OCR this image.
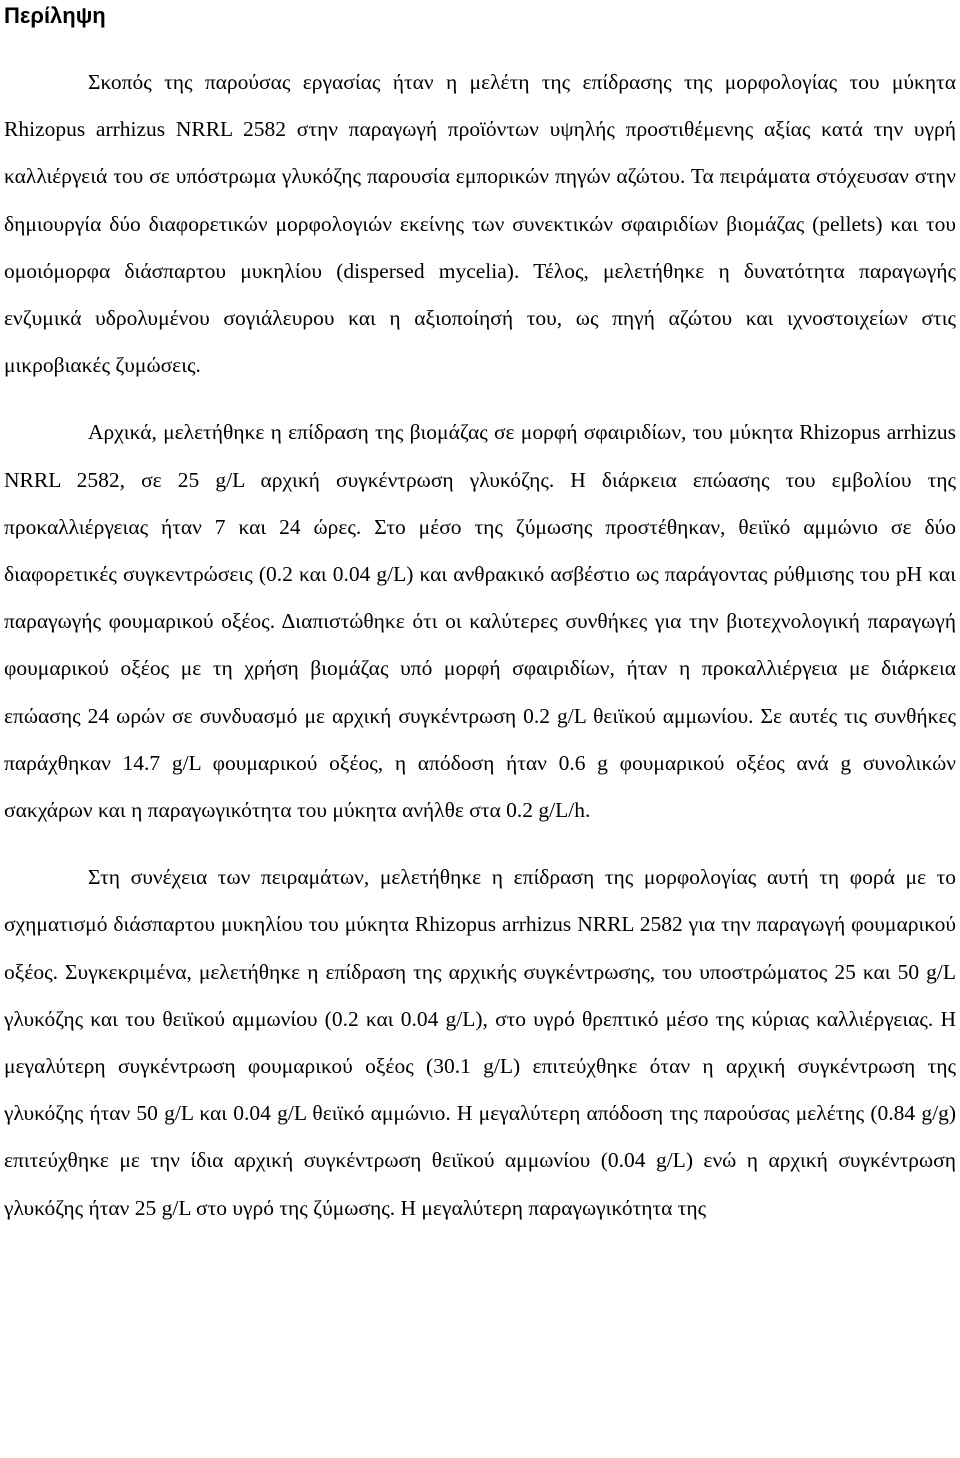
Περίληψη

Σκοπός της παρούσας εργασίας ήταν η μελέτη της επίδρασης της μορφολογίας του μύκητα Rhizopus arrhizus NRRL 2582 στην παραγωγή προϊόντων υψηλής προστιθέμενης αξίας κατά την υγρή καλλιέργειά του σε υπόστρωμα γλυκόζης παρουσία εμπορικών πηγών αζώτου. Τα πειράματα στόχευσαν στην δημιουργία δύο διαφορετικών μορφολογιών εκείνης των συνεκτικών σφαιριδίων βιομάζας (pellets) και του ομοιόμορφα διάσπαρτου μυκηλίου (dispersed mycelia). Τέλος, μελετήθηκε η δυνατότητα παραγωγής ενζυμικά υδρολυμένου σογιάλευρου και η αξιοποίησή του, ως πηγή αζώτου και ιχνοστοιχείων στις μικροβιακές ζυμώσεις.

Αρχικά, μελετήθηκε η επίδραση της βιομάζας σε μορφή σφαιριδίων, του μύκητα Rhizopus arrhizus NRRL 2582, σε 25 g/L αρχική συγκέντρωση γλυκόζης. Η διάρκεια επώασης του εμβολίου της προκαλλιέργειας ήταν 7 και 24 ώρες. Στο μέσο της ζύμωσης προστέθηκαν, θειϊκό αμμώνιο σε δύο διαφορετικές συγκεντρώσεις (0.2 και 0.04 g/L) και ανθρακικό ασβέστιο ως παράγοντας ρύθμισης του pH και παραγωγής φουμαρικού οξέος. Διαπιστώθηκε ότι οι καλύτερες συνθήκες για την βιοτεχνολογική παραγωγή φουμαρικού οξέος με τη χρήση βιομάζας υπό μορφή σφαιριδίων, ήταν η προκαλλιέργεια με διάρκεια επώασης 24 ωρών σε συνδυασμό με αρχική συγκέντρωση 0.2 g/L θειϊκού αμμωνίου. Σε αυτές τις συνθήκες παράχθηκαν 14.7 g/L φουμαρικού οξέος, η απόδοση ήταν 0.6 g φουμαρικού οξέος ανά g συνολικών σακχάρων και η παραγωγικότητα του μύκητα ανήλθε στα 0.2 g/L/h.

Στη συνέχεια των πειραμάτων, μελετήθηκε η επίδραση της μορφολογίας αυτή τη φορά με το σχηματισμό διάσπαρτου μυκηλίου του μύκητα Rhizopus arrhizus NRRL 2582 για την παραγωγή φουμαρικού οξέος. Συγκεκριμένα, μελετήθηκε η επίδραση της αρχικής συγκέντρωσης, του υποστρώματος 25 και 50 g/L γλυκόζης και του θειϊκού αμμωνίου (0.2 και 0.04 g/L), στο υγρό θρεπτικό μέσο της κύριας καλλιέργειας. Η μεγαλύτερη συγκέντρωση φουμαρικού οξέος (30.1 g/L) επιτεύχθηκε όταν η αρχική συγκέντρωση της γλυκόζης ήταν 50 g/L και 0.04 g/L θειϊκό αμμώνιο. Η μεγαλύτερη απόδοση της παρούσας μελέτης (0.84 g/g) επιτεύχθηκε με την ίδια αρχική συγκέντρωση θειϊκού αμμωνίου (0.04 g/L) ενώ η αρχική συγκέντρωση γλυκόζης ήταν 25 g/L στο υγρό της ζύμωσης. Η μεγαλύτερη παραγωγικότητα της
